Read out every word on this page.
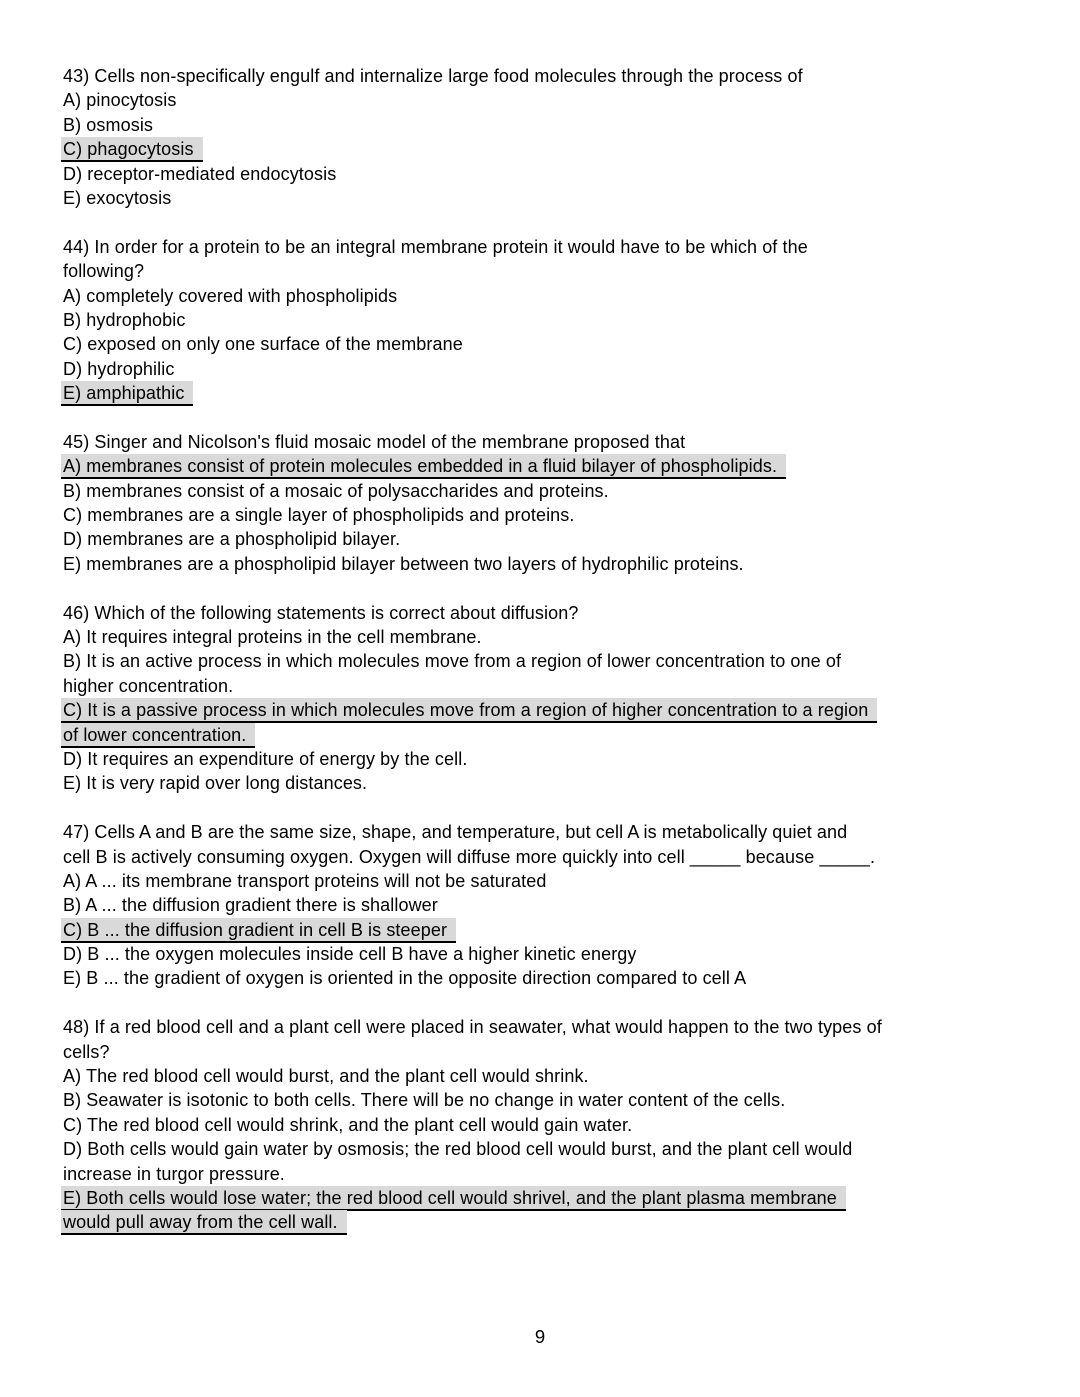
43) Cells non-specifically engulf and internalize large food molecules through the process of
A) pinocytosis
B) osmosis
C) phagocytosis
D) receptor-mediated endocytosis
E) exocytosis
44) In order for a protein to be an integral membrane protein it would have to be which of the
following?
A) completely covered with phospholipids
B) hydrophobic
C) exposed on only one surface of the membrane
D) hydrophilic
E) amphipathic
45) Singer and Nicolson's fluid mosaic model of the membrane proposed that
A) membranes consist of protein molecules embedded in a fluid bilayer of phospholipids.
B) membranes consist of a mosaic of polysaccharides and proteins.
C) membranes are a single layer of phospholipids and proteins.
D) membranes are a phospholipid bilayer.
E) membranes are a phospholipid bilayer between two layers of hydrophilic proteins.
46) Which of the following statements is correct about diffusion?
A) It requires integral proteins in the cell membrane.
B) It is an active process in which molecules move from a region of lower concentration to one of
higher concentration.
C) It is a passive process in which molecules move from a region of higher concentration to a region
of lower concentration.
D) It requires an expenditure of energy by the cell.
E) It is very rapid over long distances.
47) Cells A and B are the same size, shape, and temperature, but cell A is metabolically quiet and
cell B is actively consuming oxygen. Oxygen will diffuse more quickly into cell _____ because _____.
A) A ... its membrane transport proteins will not be saturated
B) A ... the diffusion gradient there is shallower
C) B ... the diffusion gradient in cell B is steeper
D) B ... the oxygen molecules inside cell B have a higher kinetic energy
E) B ... the gradient of oxygen is oriented in the opposite direction compared to cell A
48) If a red blood cell and a plant cell were placed in seawater, what would happen to the two types of
cells?
A) The red blood cell would burst, and the plant cell would shrink.
B) Seawater is isotonic to both cells. There will be no change in water content of the cells.
C) The red blood cell would shrink, and the plant cell would gain water.
D) Both cells would gain water by osmosis; the red blood cell would burst, and the plant cell would
increase in turgor pressure.
E) Both cells would lose water; the red blood cell would shrivel, and the plant plasma membrane
would pull away from the cell wall.
9
